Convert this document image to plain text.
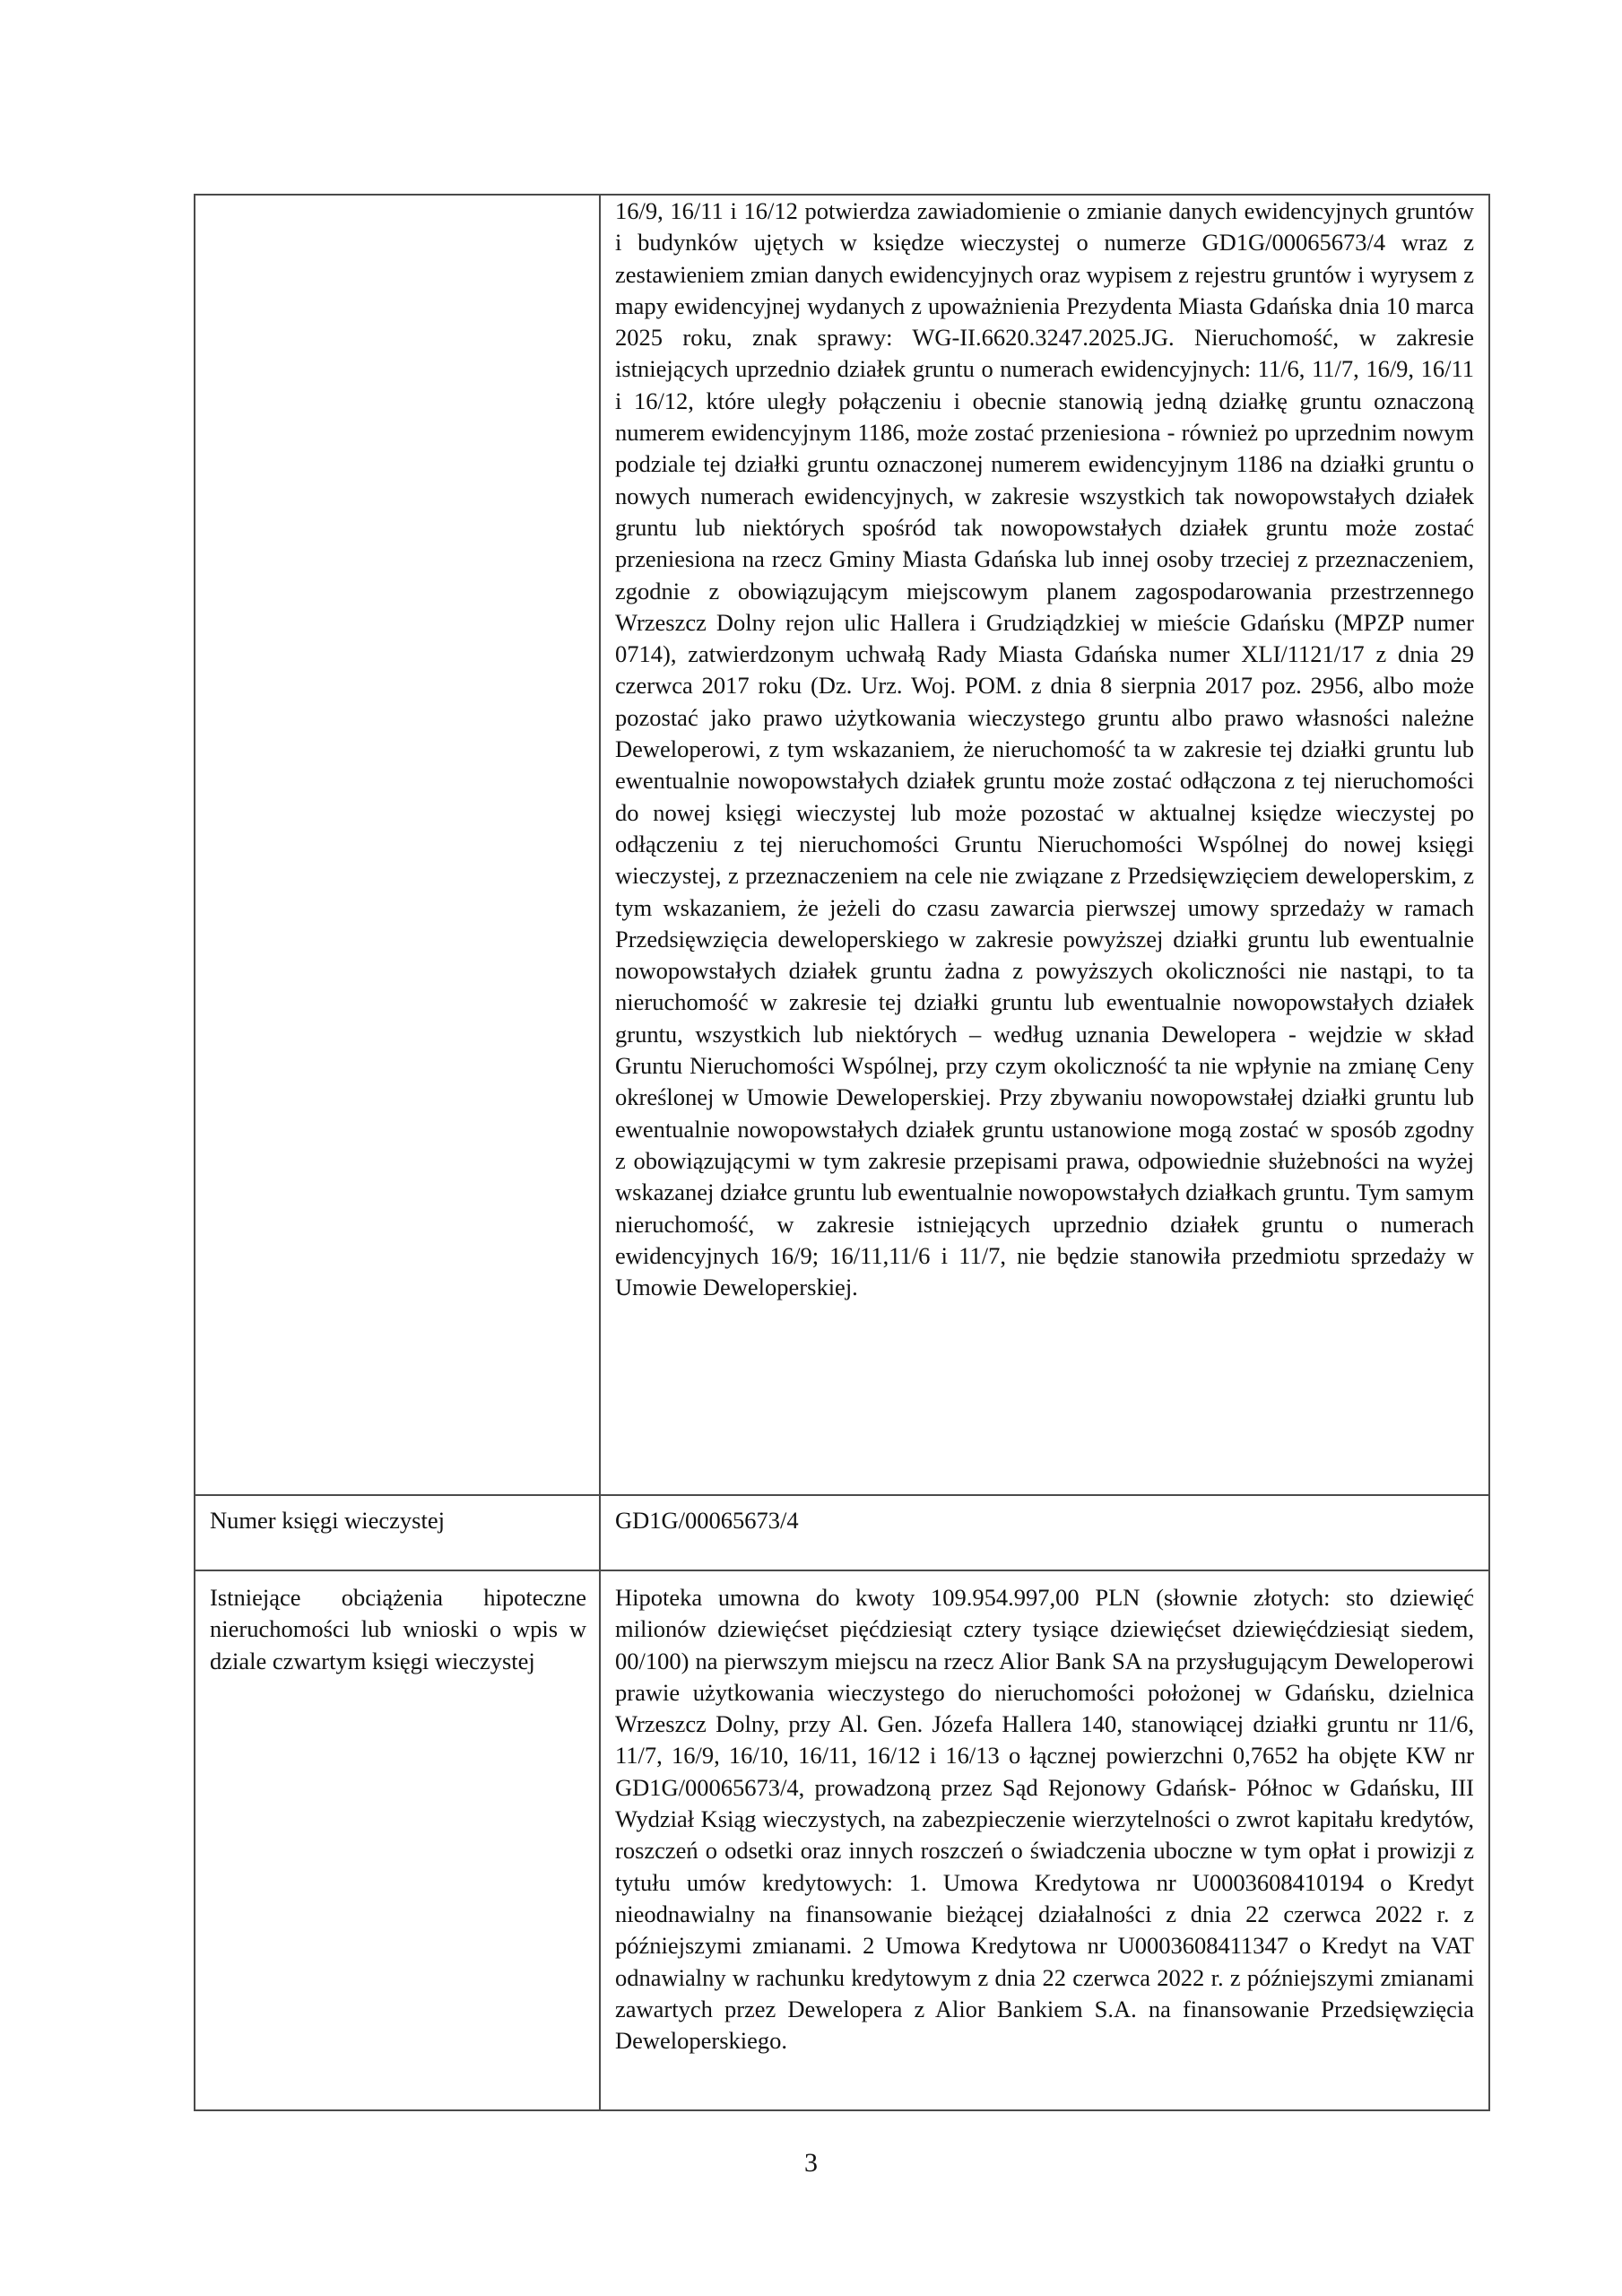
	16/9, 16/11 i 16/12 potwierdza zawiadomienie o zmianie danych ewidencyjnych gruntów i budynków ujętych w księdze wieczystej o numerze GD1G/00065673/4 wraz z zestawieniem zmian danych ewidencyjnych oraz wypisem z rejestru gruntów i wyrysem z mapy ewidencyjnej wydanych z upoważnienia Prezydenta Miasta Gdańska dnia 10 marca 2025 roku, znak sprawy: WG-II.6620.3247.2025.JG. Nieruchomość, w zakresie istniejących uprzednio działek gruntu o numerach ewidencyjnych: 11/6, 11/7, 16/9, 16/11 i 16/12, które uległy połączeniu i obecnie stanowią jedną działkę gruntu oznaczoną numerem ewidencyjnym 1186, może zostać przeniesiona - również po uprzednim nowym podziale tej działki gruntu oznaczonej numerem ewidencyjnym 1186 na działki gruntu o nowych numerach ewidencyjnych, w zakresie wszystkich tak nowopowstałych działek gruntu lub niektórych spośród tak nowopowstałych działek gruntu może zostać przeniesiona na rzecz Gminy Miasta Gdańska lub innej osoby trzeciej z przeznaczeniem, zgodnie z obowiązującym miejscowym planem zagospodarowania przestrzennego Wrzeszcz Dolny rejon ulic Hallera i Grudziądzkiej w mieście Gdańsku (MPZP numer 0714), zatwierdzonym uchwałą Rady Miasta Gdańska numer XLI/1121/17 z dnia 29 czerwca 2017 roku (Dz. Urz. Woj. POM. z dnia 8 sierpnia 2017 poz. 2956, albo może pozostać jako prawo użytkowania wieczystego gruntu albo prawo własności należne Deweloperowi, z tym wskazaniem, że nieruchomość ta w zakresie tej działki gruntu lub ewentualnie nowopowstałych działek gruntu może zostać odłączona z tej nieruchomości do nowej księgi wieczystej lub może pozostać w aktualnej księdze wieczystej po odłączeniu z tej nieruchomości Gruntu Nieruchomości Wspólnej do nowej księgi wieczystej, z przeznaczeniem na cele nie związane z Przedsięwzięciem deweloperskim, z tym wskazaniem, że jeżeli do czasu zawarcia pierwszej umowy sprzedaży w ramach Przedsięwzięcia deweloperskiego w zakresie powyższej działki gruntu lub ewentualnie nowopowstałych działek gruntu żadna z powyższych okoliczności nie nastąpi, to ta nieruchomość w zakresie tej działki gruntu lub ewentualnie nowopowstałych działek gruntu, wszystkich lub niektórych – według uznania Dewelopera - wejdzie w skład Gruntu Nieruchomości Wspólnej, przy czym okoliczność ta nie wpłynie na zmianę Ceny określonej w Umowie Deweloperskiej. Przy zbywaniu nowopowstałej działki gruntu lub ewentualnie nowopowstałych działek gruntu ustanowione mogą zostać w sposób zgodny z obowiązującymi w tym zakresie przepisami prawa, odpowiednie służebności na wyżej wskazanej działce gruntu lub ewentualnie nowopowstałych działkach gruntu. Tym samym nieruchomość, w zakresie istniejących uprzednio działek gruntu o numerach ewidencyjnych 16/9; 16/11,11/6 i 11/7, nie będzie stanowiła przedmiotu sprzedaży w Umowie Deweloperskiej.

Numer księgi wieczystej	GD1G/00065673/4

Istniejące obciążenia hipoteczne nieruchomości lub wnioski o wpis w dziale czwartym księgi wieczystej	Hipoteka umowna do kwoty 109.954.997,00 PLN (słownie złotych: sto dziewięć milionów dziewięćset pięćdziesiąt cztery tysiące dziewięćset dziewięćdziesiąt siedem, 00/100) na pierwszym miejscu na rzecz Alior Bank SA na przysługującym Deweloperowi prawie użytkowania wieczystego do nieruchomości położonej w Gdańsku, dzielnica Wrzeszcz Dolny, przy Al. Gen. Józefa Hallera 140, stanowiącej działki gruntu nr 11/6, 11/7, 16/9, 16/10, 16/11, 16/12 i 16/13 o łącznej powierzchni 0,7652 ha objęte KW nr GD1G/00065673/4, prowadzoną przez Sąd Rejonowy Gdańsk- Północ w Gdańsku, III Wydział Ksiąg wieczystych, na zabezpieczenie wierzytelności o zwrot kapitału kredytów, roszczeń o odsetki oraz innych roszczeń o świadczenia uboczne w tym opłat i prowizji z tytułu umów kredytowych: 1. Umowa Kredytowa nr U0003608410194 o Kredyt nieodnawialny na finansowanie bieżącej działalności z dnia 22 czerwca 2022 r. z późniejszymi zmianami. 2 Umowa Kredytowa nr U0003608411347 o Kredyt na VAT odnawialny w rachunku kredytowym z dnia 22 czerwca 2022 r. z późniejszymi zmianami zawartych przez Dewelopera z Alior Bankiem S.A. na finansowanie Przedsięwzięcia Deweloperskiego.
3
